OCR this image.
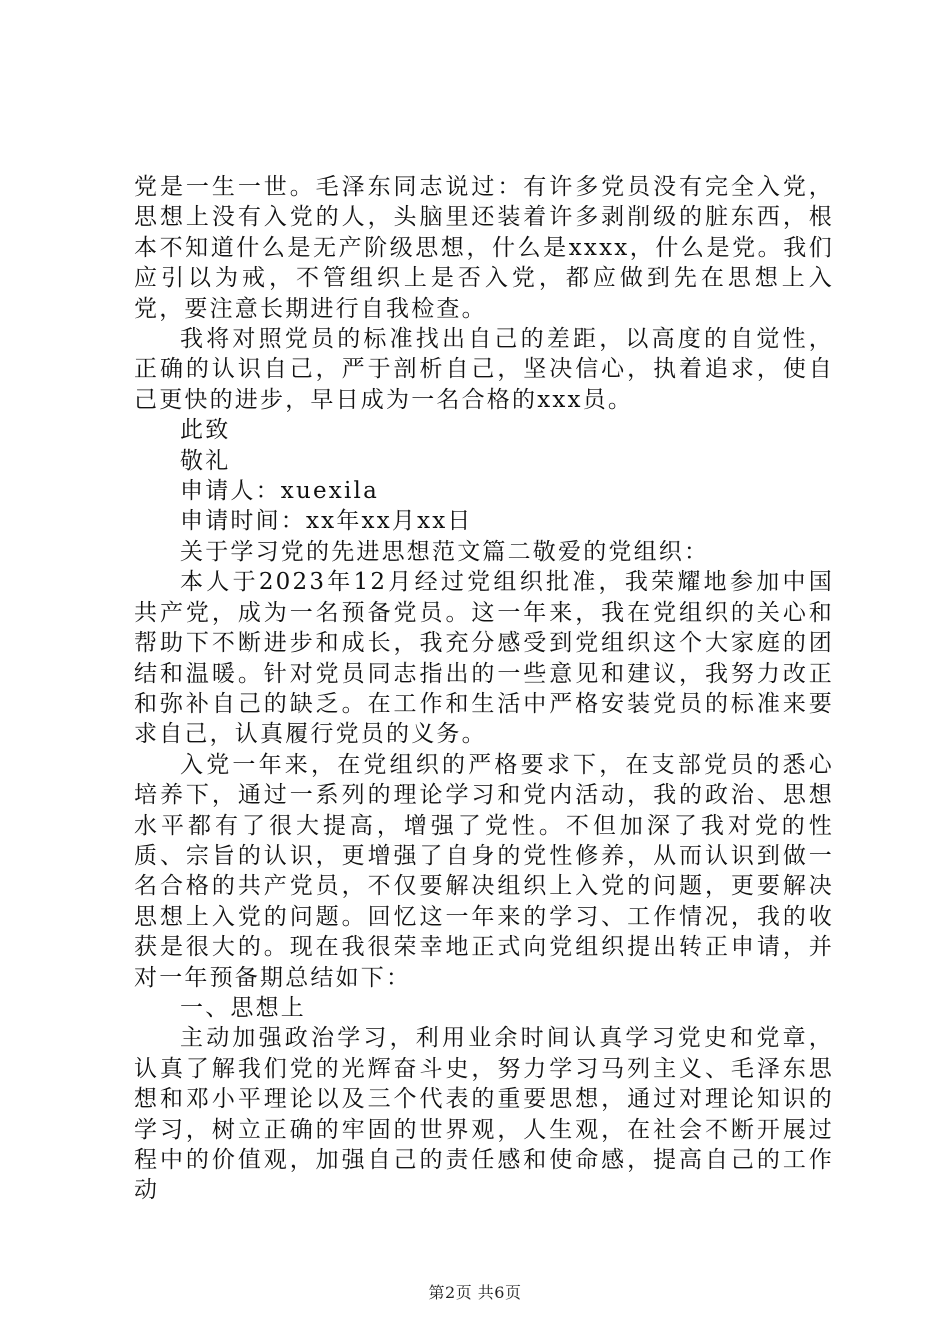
党是一生一世。毛泽东同志说过：有许多党员没有完全入党，思想上没有入党的人，头脑里还装着许多剥削级的脏东西，根本不知道什么是无产阶级思想，什么是xxxx，什么是党。我们应引以为戒，不管组织上是否入党，都应做到先在思想上入党，要注意长期进行自我检查。

我将对照党员的标准找出自己的差距，以高度的自觉性，正确的认识自己，严于剖析自己，坚决信心，执着追求，使自己更快的进步，早日成为一名合格的xxx员。

此致

敬礼

申请人：xuexila

申请时间：xx年xx月xx日

关于学习党的先进思想范文篇二敬爱的党组织：

本人于2023年12月经过党组织批准，我荣耀地参加中国共产党，成为一名预备党员。这一年来，我在党组织的关心和帮助下不断进步和成长，我充分感受到党组织这个大家庭的团结和温暖。针对党员同志指出的一些意见和建议，我努力改正和弥补自己的缺乏。在工作和生活中严格安装党员的标准来要求自己，认真履行党员的义务。

入党一年来，在党组织的严格要求下，在支部党员的悉心培养下，通过一系列的理论学习和党内活动，我的政治、思想水平都有了很大提高，增强了党性。不但加深了我对党的性质、宗旨的认识，更增强了自身的党性修养，从而认识到做一名合格的共产党员，不仅要解决组织上入党的问题，更要解决思想上入党的问题。回忆这一年来的学习、工作情况，我的收获是很大的。现在我很荣幸地正式向党组织提出转正申请，并对一年预备期总结如下：

一、思想上

主动加强政治学习，利用业余时间认真学习党史和党章，认真了解我们党的光辉奋斗史，努力学习马列主义、毛泽东思想和邓小平理论以及三个代表的重要思想，通过对理论知识的学习，树立正确的牢固的世界观，人生观，在社会不断开展过程中的价值观，加强自己的责任感和使命感，提高自己的工作动

第2页 共6页
